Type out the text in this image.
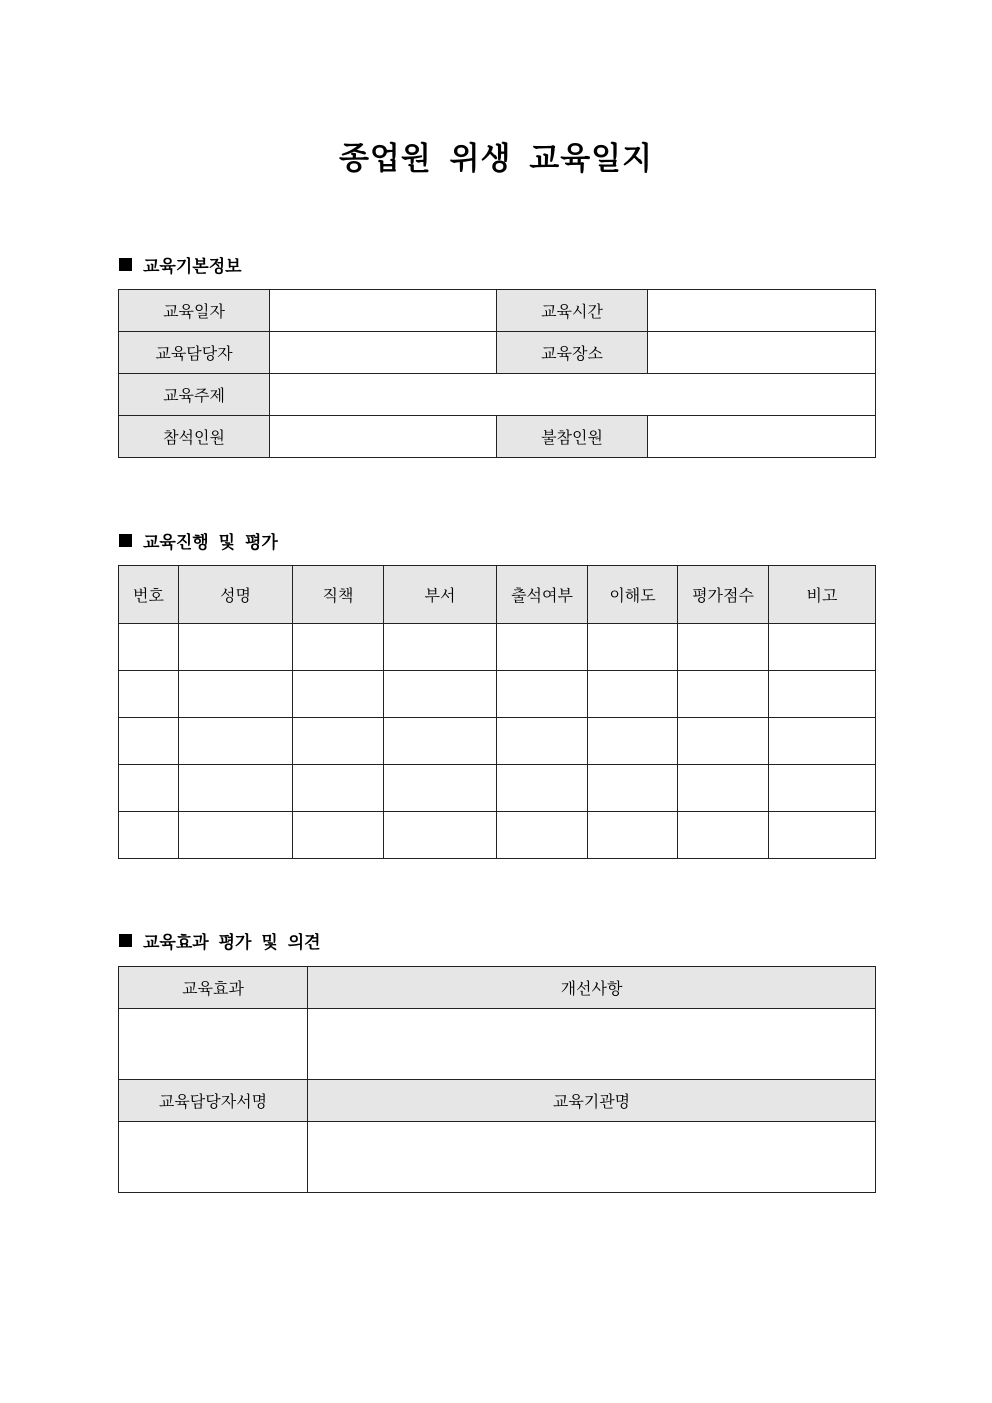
종업원 위생 교육일지
교육기본정보
교육일자		교육시간	
교육담당자		교육장소	
교육주제			
참석인원		불참인원	
교육진행 및 평가
번호	성명	직책	부서	출석여부	이해도	평가점수	비고

교육효과 평가 및 의견
교육효과	개선사항

교육담당자서명	교육기관명
